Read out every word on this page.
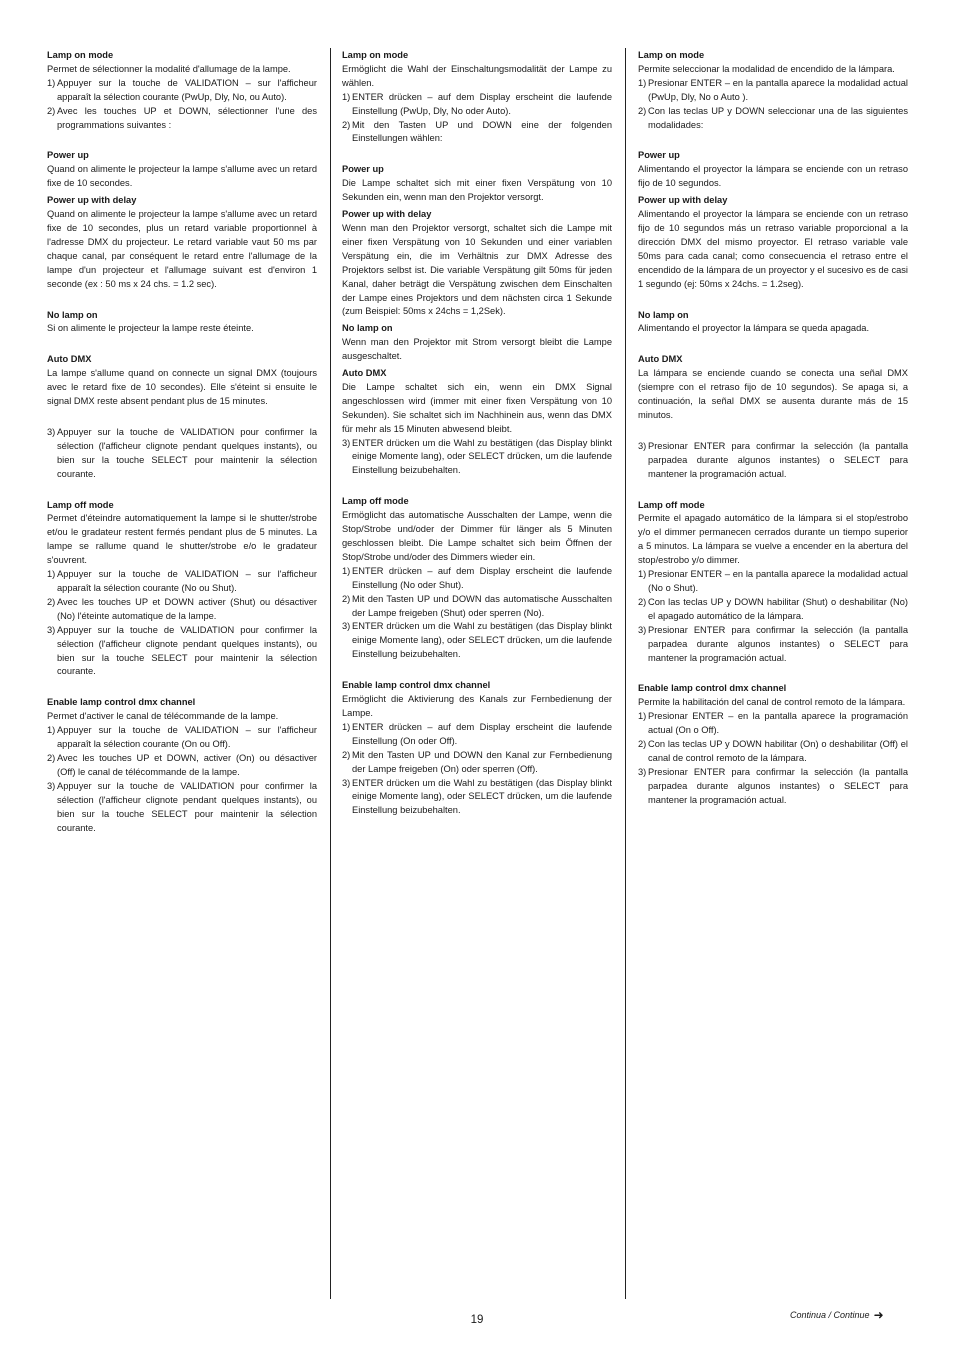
Lamp on mode

Permet de sélectionner la modalité d'allumage de la lampe.

1) Appuyer sur la touche de VALIDATION – sur l'afficheur apparaît la sélection courante (PwUp, Dly, No, ou Auto).
2) Avec les touches UP et DOWN, sélectionner l'une des programmations suivantes :
Power up

Quand on alimente le projecteur la lampe s'allume avec un retard fixe de 10 secondes.

Power up with delay

Quand on alimente le projecteur la lampe s'allume avec un retard fixe de 10 secondes, plus un retard variable proportionnel à l'adresse DMX du projecteur. Le retard variable vaut 50 ms par chaque canal, par conséquent le retard entre l'allumage de la lampe d'un projecteur et l'allumage suivant est d'environ 1 seconde (ex : 50 ms x 24 chs. = 1.2 sec).

No lamp on

Si on alimente le projecteur la lampe reste éteinte.

Auto DMX

La lampe s'allume quand on connecte un signal DMX (toujours avec le retard fixe de 10 secondes). Elle s'éteint si ensuite le signal DMX reste absent pendant plus de 15 minutes.

3) Appuyer sur la touche de VALIDATION pour confirmer la sélection (l'afficheur clignote pendant quelques instants), ou bien sur la touche SELECT pour maintenir la sélection courante.
Lamp off mode

Permet d'éteindre automatiquement la lampe si le shutter/strobe et/ou le gradateur restent fermés pendant plus de 5 minutes. La lampe se rallume quand le shutter/strobe e/o le gradateur s'ouvrent.

1) Appuyer sur la touche de VALIDATION – sur l'afficheur apparaît la sélection courante (No ou Shut).
2) Avec les touches UP et DOWN activer (Shut) ou désactiver (No) l'éteinte automatique de la lampe.
3) Appuyer sur la touche de VALIDATION pour confirmer la sélection (l'afficheur clignote pendant quelques instants), ou bien sur la touche SELECT pour maintenir la sélection courante.
Enable lamp control dmx channel

Permet d'activer le canal de télécommande de la lampe.

1) Appuyer sur la touche de VALIDATION – sur l'afficheur apparaît la sélection courante (On ou Off).
2) Avec les touches UP et DOWN, activer (On) ou désactiver (Off) le canal de télécommande de la lampe.
3) Appuyer sur la touche de VALIDATION pour confirmer la sélection (l'afficheur clignote pendant quelques instants), ou bien sur la touche SELECT pour maintenir la sélection courante.
Lamp on mode

Ermöglicht die Wahl der Einschaltungsmodalität der Lampe zu wählen.

1) ENTER drücken – auf dem Display erscheint die laufende Einstellung (PwUp, Dly, No oder Auto).
2) Mit den Tasten UP und DOWN eine der folgenden Einstellungen wählen:
Power up

Die Lampe schaltet sich mit einer fixen Verspätung von 10 Sekunden ein, wenn man den Projektor versorgt.

Power up with delay

Wenn man den Projektor versorgt, schaltet sich die Lampe mit einer fixen Verspätung von 10 Sekunden und einer variablen Verspätung ein, die im Verhältnis zur DMX Adresse des Projektors selbst ist. Die variable Verspätung gilt 50ms für jeden Kanal, daher beträgt die Verspätung zwischen dem Einschalten der Lampe eines Projektors und dem nächsten circa 1 Sekunde (zum Beispiel: 50ms x 24chs = 1,2Sek).

No lamp on

Wenn man den Projektor mit Strom versorgt bleibt die Lampe ausgeschaltet.

Auto DMX

Die Lampe schaltet sich ein, wenn ein DMX Signal angeschlossen wird (immer mit einer fixen Verspätung von 10 Sekunden). Sie schaltet sich im Nachhinein aus, wenn das DMX für mehr als 15 Minuten abwesend bleibt.

3) ENTER drücken um die Wahl zu bestätigen (das Display blinkt einige Momente lang), oder SELECT drücken, um die laufende Einstellung beizubehalten.
Lamp off mode

Ermöglicht das automatische Ausschalten der Lampe, wenn die Stop/Strobe und/oder der Dimmer für länger als 5 Minuten geschlossen bleibt. Die Lampe schaltet sich beim Öffnen der Stop/Strobe und/oder des Dimmers wieder ein.

1) ENTER drücken – auf dem Display erscheint die laufende Einstellung (No oder Shut).
2) Mit den Tasten UP und DOWN das automatische Ausschalten der Lampe freigeben (Shut) oder sperren (No).
3) ENTER drücken um die Wahl zu bestätigen (das Display blinkt einige Momente lang), oder SELECT drücken, um die laufende Einstellung beizubehalten.
Enable lamp control dmx channel

Ermöglicht die Aktivierung des Kanals zur Fernbedienung der Lampe.

1) ENTER drücken – auf dem Display erscheint die laufende Einstellung (On oder Off).
2) Mit den Tasten UP und DOWN den Kanal zur Fernbedienung der Lampe freigeben (On) oder sperren (Off).
3) ENTER drücken um die Wahl zu bestätigen (das Display blinkt einige Momente lang), oder SELECT drücken, um die laufende Einstellung beizubehalten.
Lamp on mode

Permite seleccionar la modalidad de encendido de la lámpara.

1) Presionar ENTER – en la pantalla aparece la modalidad actual (PwUp, Dly, No o Auto ).
2) Con las teclas UP y DOWN seleccionar una de las siguientes modalidades:
Power up

Alimentando el proyector la lámpara se enciende con un retraso fijo de 10 segundos.

Power up with delay

Alimentando el proyector la lámpara se enciende con un retraso fijo de 10 segundos más un retraso variable proporcional a la dirección DMX del mismo proyector. El retraso variable vale 50ms para cada canal; como consecuencia el retraso entre el encendido de la lámpara de un proyector y el sucesivo es de casi 1 segundo (ej: 50ms x 24chs. = 1.2seg).

No lamp on

Alimentando el proyector la lámpara se queda apagada.

Auto DMX

La lámpara se enciende cuando se conecta una señal DMX (siempre con el retraso fijo de 10 segundos). Se apaga si, a continuación, la señal DMX se ausenta durante más de 15 minutos.

3) Presionar ENTER para confirmar la selección (la pantalla parpadea durante algunos instantes) o SELECT para mantener la programación actual.
Lamp off mode

Permite el apagado automático de la lámpara si el stop/estrobo y/o el dimmer permanecen cerrados durante un tiempo superior a 5 minutos. La lámpara se vuelve a encender en la abertura del stop/estrobo y/o dimmer.

1) Presionar ENTER – en la pantalla aparece la modalidad actual (No o Shut).
2) Con las teclas UP y DOWN habilitar (Shut) o deshabilitar (No) el apagado automático de la lámpara.
3) Presionar ENTER para confirmar la selección (la pantalla parpadea durante algunos instantes) o SELECT para mantener la programación actual.
Enable lamp control dmx channel

Permite la habilitación del canal de control remoto de la lámpara.

1) Presionar ENTER – en la pantalla aparece la programación actual (On o Off).
2) Con las teclas UP y DOWN habilitar (On) o deshabilitar (Off) el canal de control remoto de la lámpara.
3) Presionar ENTER para confirmar la selección (la pantalla parpadea durante algunos instantes) o SELECT para mantener la programación actual.
19	Continua / Continue ➜
